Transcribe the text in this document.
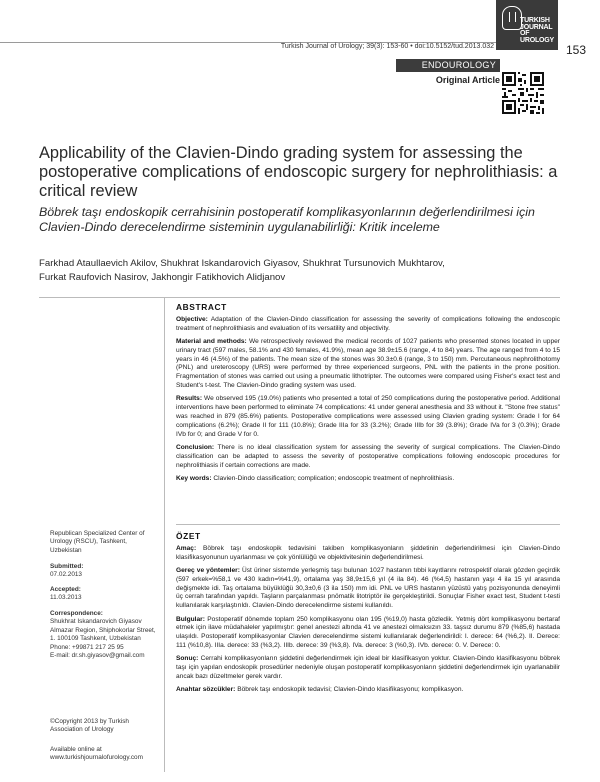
Turkish Journal of Urology; 39(3): 153-60 • doi:10.5152/tud.2013.032
TURKISH JOURNAL OF UROLOGY
153
ENDOUROLOGY
Original Article
Applicability of the Clavien-Dindo grading system for assessing the postoperative complications of endoscopic surgery for nephrolithiasis: a critical review
Böbrek taşı endoskopik cerrahisinin postoperatif komplikasyonlarının değerlendirilmesi için Clavien-Dindo derecelendirme sisteminin uygulanabilirliği: Kritik inceleme
Farkhad Ataullaevich Akilov, Shukhrat Iskandarovich Giyasov, Shukhrat Tursunovich Mukhtarov,
Furkat Raufovich Nasirov, Jakhongir Fatikhovich Alidjanov
Republican Specialized Center of Urology (RSCU), Tashkent, Uzbekistan
Submitted:
07.02.2013
Accepted:
11.03.2013
Correspondence:
Shukhrat Iskandarovich Giyasov Almazar Region, Shiphokorlar Street, 1. 100109 Tashkent, Uzbekistan
Phone: +99871 217 25 95
E-mail: dr.sh.giyasov@gmail.com
©Copyright 2013 by Turkish Association of Urology
Available online at
www.turkishjournalofurology.com
ABSTRACT

Objective: Adaptation of the Clavien-Dindo classification for assessing the severity of complications following the endoscopic treatment of nephrolithiasis and evaluation of its versatility and objectivity.

Material and methods: We retrospectively reviewed the medical records of 1027 patients who presented stones located in upper urinary tract (597 males, 58.1% and 430 females, 41.9%), mean age 38.9±15.6 (range, 4 to 84) years. The age ranged from 4 to 15 years in 46 (4.5%) of the patients. The mean size of the stones was 30.3±0.6 (range, 3 to 150) mm. Percutaneous nephrolithotomy (PNL) and ureteroscopy (URS) were performed by three experienced surgeons, PNL with the patients in the prone position. Fragmentation of stones was carried out using a pneumatic lithotripter. The outcomes were compared using Fisher's exact test and Student's t-test. The Clavien-Dindo grading system was used.

Results: We observed 195 (19.0%) patients who presented a total of 250 complications during the postoperative period. Additional interventions have been performed to eliminate 74 complications: 41 under general anesthesia and 33 without it. "Stone free status" was reached in 879 (85.6%) patients. Postoperative complications were assessed using Clavien grading system: Grade I for 64 complications (6.2%); Grade II for 111 (10.8%); Grade IIIa for 33 (3.2%); Grade IIIb for 39 (3.8%); Grade IVa for 3 (0.3%); Grade IVb for 0; and Grade V for 0.

Conclusion: There is no ideal classification system for assessing the severity of surgical complications. The Clavien-Dindo classification can be adapted to assess the severity of postoperative complications following endoscopic procedures for nephrolithiasis if certain corrections are made.

Key words: Clavien-Dindo classification; complication; endoscopic treatment of nephrolithiasis.

ÖZET

Amaç: Böbrek taşı endoskopik tedavisini takiben komplikasyonların şiddetinin değerlendirilmesi için Clavien-Dindo klasifikasyonunun uyarlanması ve çok yönlülüğü ve objektivitesinin değerlendirilmesi.

Gereç ve yöntemler: Üst üriner sistemde yerleşmiş taşı bulunan 1027 hastanın tıbbi kayıtlarını retrospektif olarak gözden geçirdik (597 erkek=%58,1 ve 430 kadın=%41,9), ortalama yaş 38,9±15,6 yıl (4 ila 84). 46 (%4,5) hastanın yaşı 4 ila 15 yıl arasında değişmekte idi. Taş ortalama büyüklüğü 30,3±0,6 (3 ila 150) mm idi. PNL ve URS hastanın yüzüstü yatış pozisyonunda deneyimli üç cerrah tarafından yapıldı. Taşların parçalanması pnömatik litotriptör ile gerçekleştirildi. Sonuçlar Fisher exact test, Student t-testi kullanılarak karşılaştırıldı. Clavien-Dindo derecelendirme sistemi kullanıldı.

Bulgular: Postoperatif dönemde toplam 250 komplikasyonu olan 195 (%19,0) hasta gözledik. Yetmiş dört komplikasyonu bertaraf etmek için ilave müdahaleler yapılmıştır: genel anestezi altında 41 ve anestezi olmaksızın 33. taşsız durumu 879 (%85,6) hastada ulaşıldı. Postoperatif komplikasyonlar Clavien derecelendirme sistemi kullanılarak değerlendirildi: I. derece: 64 (%6,2). II. Derece: 111 (%10,8). IIIa. derece: 33 (%3,2). IIIb. derece: 39 (%3,8). IVa. derece: 3 (%0,3). IVb. derece: 0. V. Derece: 0.

Sonuç: Cerrahi komplikasyonların şiddetini değerlendirmek için ideal bir klasifikasyon yoktur. Clavien-Dindo klasifikasyonu böbrek taşı için yapılan endoskopik prosedürler nedeniyle oluşan postoperatif komplikasyonların şiddetini değerlendirmek için uyarlanabilir ancak bazı düzeltmeler gerek vardır.

Anahtar sözcükler: Böbrek taşı endoskopik tedavisi; Clavien-Dindo klasifikasyonu; komplikasyon.
